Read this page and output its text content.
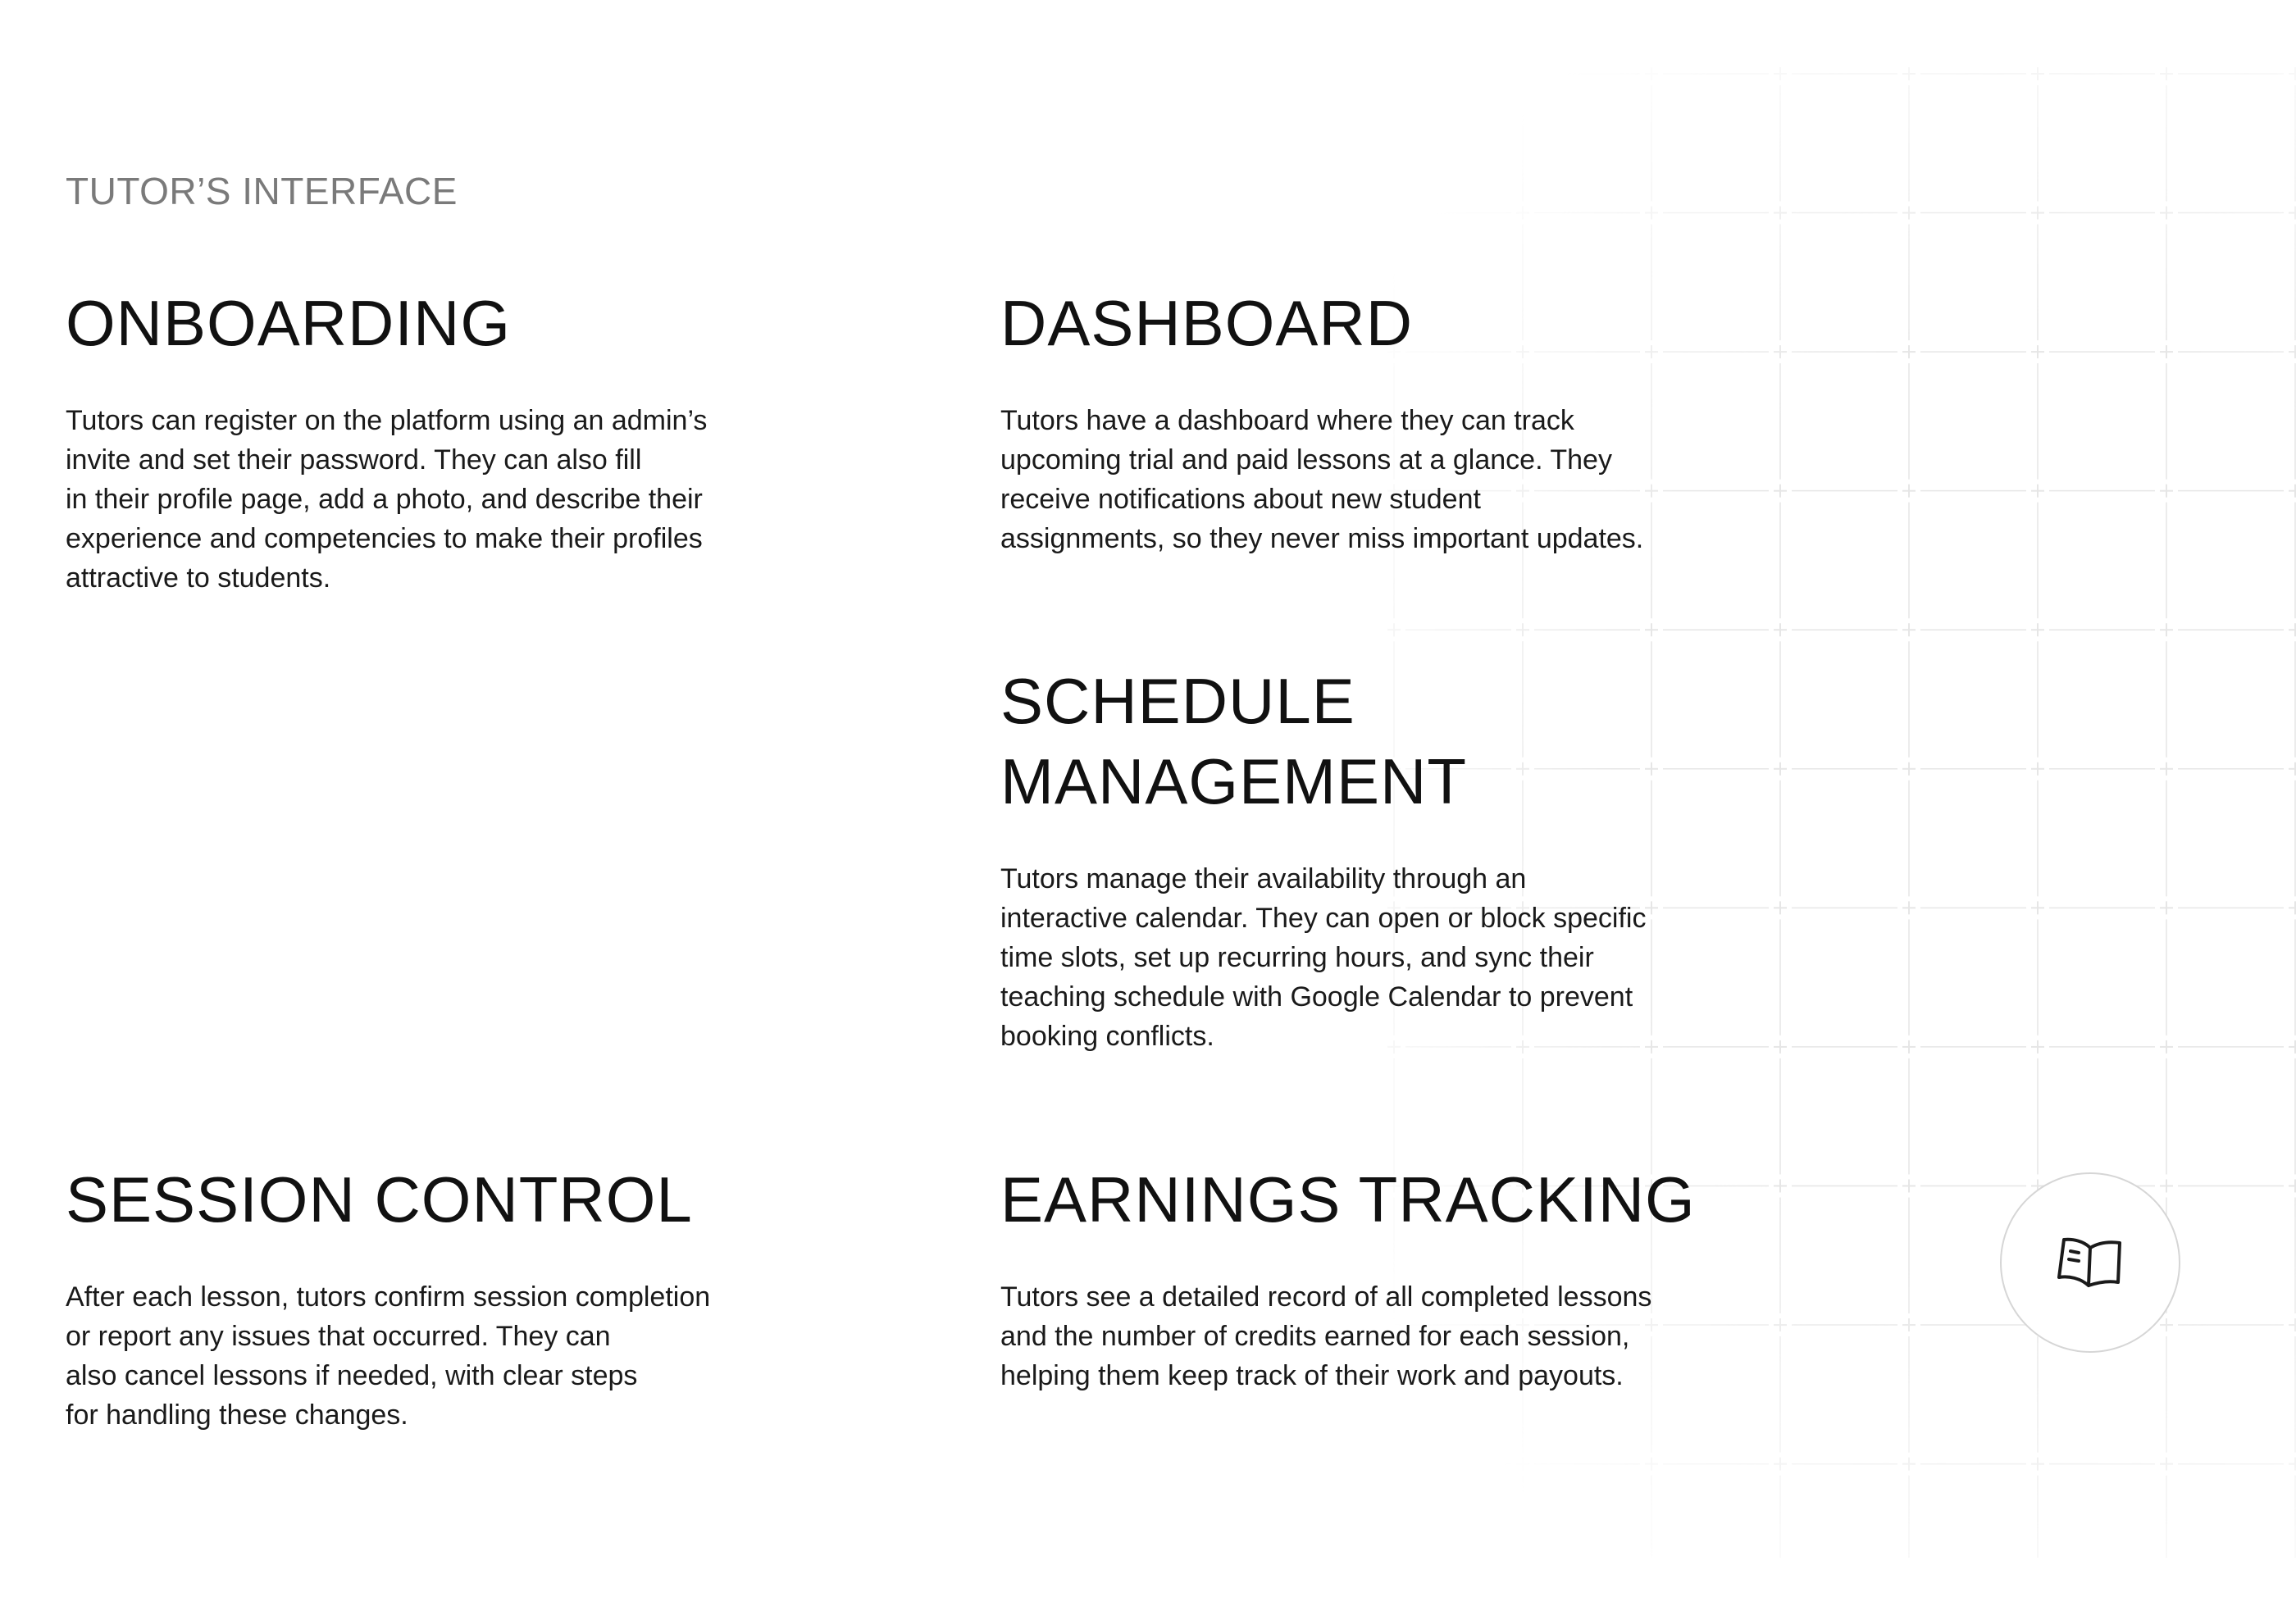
TUTOR’S INTERFACE
ONBOARDING

Tutors can register on the platform using an admin’s
invite and set their password. They can also fill
in their profile page, add a photo, and describe their
experience and competencies to make their profiles
attractive to students.

DASHBOARD

Tutors have a dashboard where they can track
upcoming trial and paid lessons at a glance. They
receive notifications about new student
assignments, so they never miss important updates.

SCHEDULE
MANAGEMENT

Tutors manage their availability through an
interactive calendar. They can open or block specific
time slots, set up recurring hours, and sync their
teaching schedule with Google Calendar to prevent
booking conflicts.

SESSION CONTROL

After each lesson, tutors confirm session completion
or report any issues that occurred. They can
also cancel lessons if needed, with clear steps
for handling these changes.

EARNINGS TRACKING

Tutors see a detailed record of all completed lessons
and the number of credits earned for each session,
helping them keep track of their work and payouts.
